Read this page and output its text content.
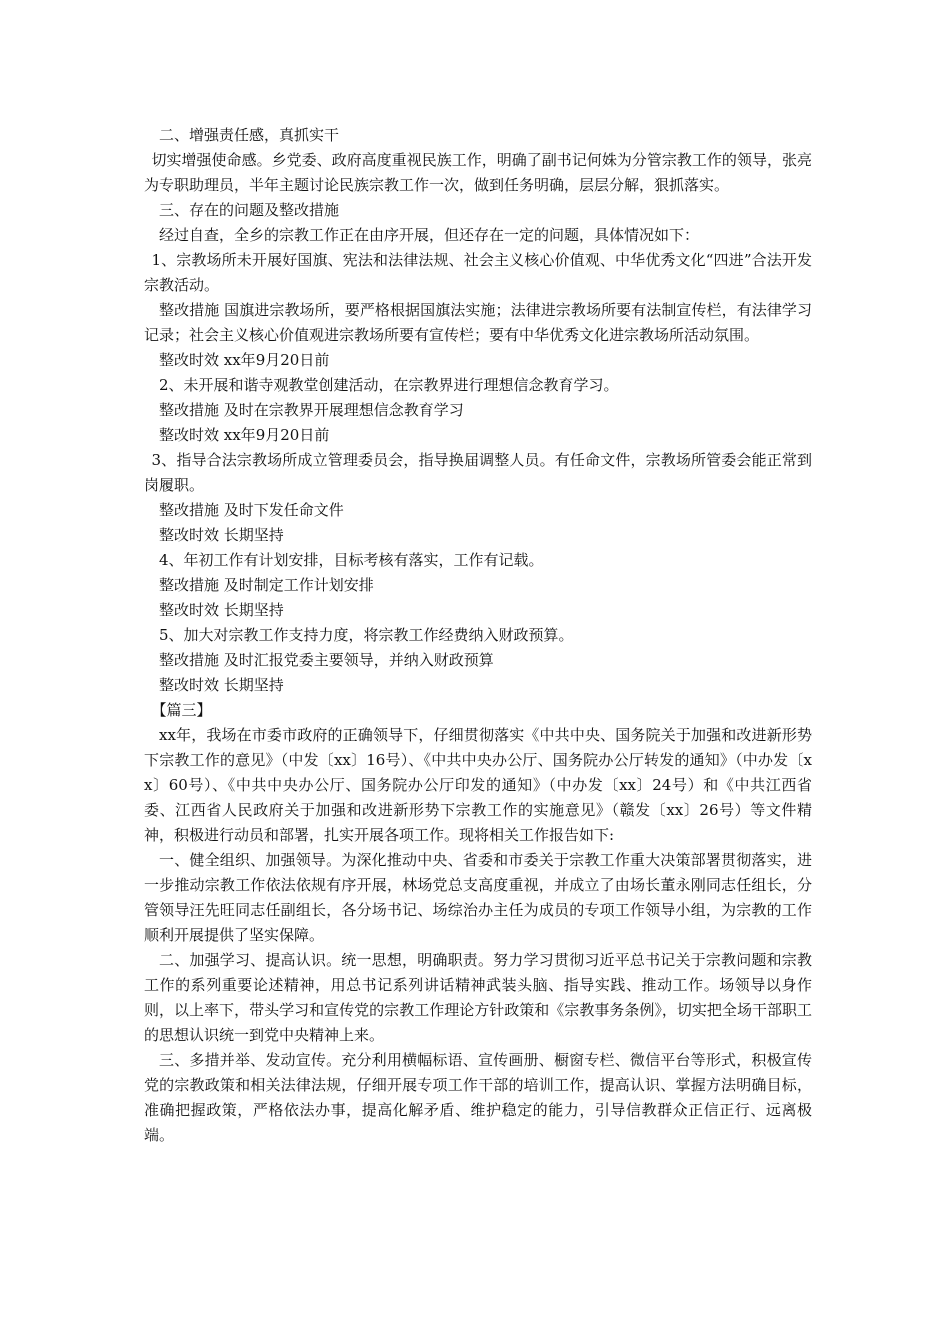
二、增强责任感，真抓实干

切实增强使命感。乡党委、政府高度重视民族工作，明确了副书记何姝为分管宗教工作的领导，张亮为专职助理员，半年主题讨论民族宗教工作一次，做到任务明确，层层分解，狠抓落实。

三、存在的问题及整改措施

经过自查，全乡的宗教工作正在由序开展，但还存在一定的问题，具体情况如下：

1、宗教场所未开展好国旗、宪法和法律法规、社会主义核心价值观、中华优秀文化“四进”合法开发宗教活动。

整改措施 国旗进宗教场所，要严格根据国旗法实施；法律进宗教场所要有法制宣传栏，有法律学习记录；社会主义核心价值观进宗教场所要有宣传栏；要有中华优秀文化进宗教场所活动氛围。

整改时效 xx年9月20日前

2、未开展和谐寺观教堂创建活动，在宗教界进行理想信念教育学习。

整改措施 及时在宗教界开展理想信念教育学习

整改时效 xx年9月20日前

3、指导合法宗教场所成立管理委员会，指导换届调整人员。有任命文件，宗教场所管委会能正常到岗履职。

整改措施 及时下发任命文件

整改时效 长期坚持

4、年初工作有计划安排，目标考核有落实，工作有记载。

整改措施 及时制定工作计划安排

整改时效 长期坚持

5、加大对宗教工作支持力度，将宗教工作经费纳入财政预算。

整改措施 及时汇报党委主要领导，并纳入财政预算

整改时效 长期坚持

【篇三】

xx年，我场在市委市政府的正确领导下，仔细贯彻落实《中共中央、国务院关于加强和改进新形势下宗教工作的意见》（中发〔xx〕16号）、《中共中央办公厅、国务院办公厅转发的通知》（中办发〔xx〕60号）、《中共中央办公厅、国务院办公厅印发的通知》（中办发〔xx〕24号）和《中共江西省委、江西省人民政府关于加强和改进新形势下宗教工作的实施意见》（赣发〔xx〕26号）等文件精神，积极进行动员和部署，扎实开展各项工作。现将相关工作报告如下:

一、健全组织、加强领导。为深化推动中央、省委和市委关于宗教工作重大决策部署贯彻落实，进一步推动宗教工作依法依规有序开展，林场党总支高度重视，并成立了由场长董永刚同志任组长，分管领导汪先旺同志任副组长，各分场书记、场综治办主任为成员的专项工作领导小组，为宗教的工作顺利开展提供了坚实保障。

二、加强学习、提高认识。统一思想，明确职责。努力学习贯彻习近平总书记关于宗教问题和宗教工作的系列重要论述精神，用总书记系列讲话精神武装头脑、指导实践、推动工作。场领导以身作则，以上率下，带头学习和宣传党的宗教工作理论方针政策和《宗教事务条例》，切实把全场干部职工的思想认识统一到党中央精神上来。

三、多措并举、发动宣传。充分利用横幅标语、宣传画册、橱窗专栏、微信平台等形式，积极宣传党的宗教政策和相关法律法规，仔细开展专项工作干部的培训工作，提高认识、掌握方法明确目标，准确把握政策，严格依法办事，提高化解矛盾、维护稳定的能力，引导信教群众正信正行、远离极端。
